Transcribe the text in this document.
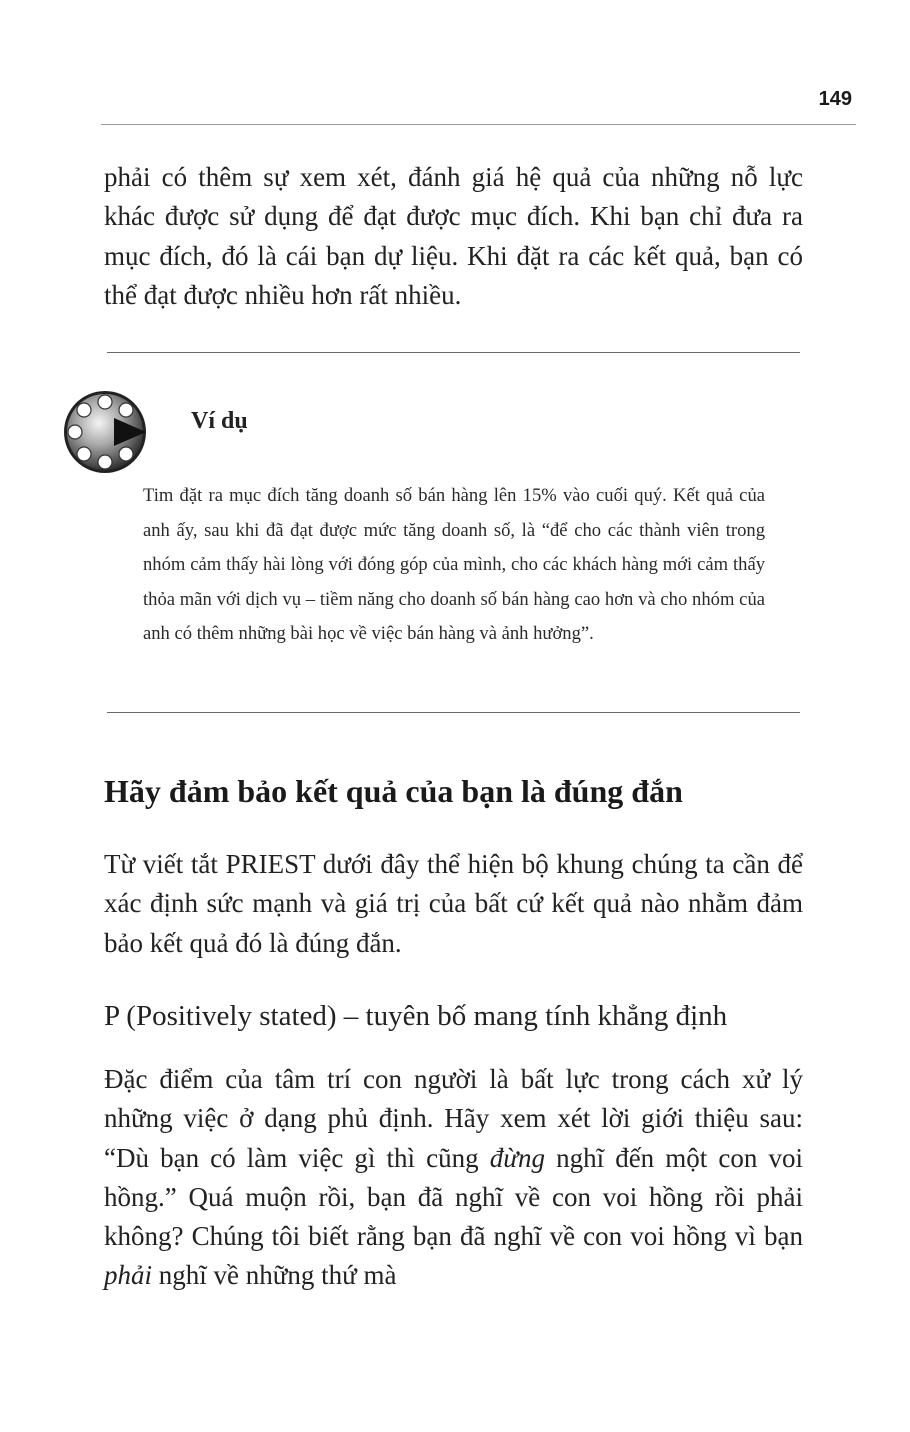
149

phải có thêm sự xem xét, đánh giá hệ quả của những nỗ lực khác được sử dụng để đạt được mục đích. Khi bạn chỉ đưa ra mục đích, đó là cái bạn dự liệu. Khi đặt ra các kết quả, bạn có thể đạt được nhiều hơn rất nhiều.

Ví dụ

Tim đặt ra mục đích tăng doanh số bán hàng lên 15% vào cuối quý. Kết quả của anh ấy, sau khi đã đạt được mức tăng doanh số, là “để cho các thành viên trong nhóm cảm thấy hài lòng với đóng góp của mình, cho các khách hàng mới cảm thấy thỏa mãn với dịch vụ – tiềm năng cho doanh số bán hàng cao hơn và cho nhóm của anh có thêm những bài học về việc bán hàng và ảnh hưởng”.

Hãy đảm bảo kết quả của bạn là đúng đắn

Từ viết tắt PRIEST dưới đây thể hiện bộ khung chúng ta cần để xác định sức mạnh và giá trị của bất cứ kết quả nào nhằm đảm bảo kết quả đó là đúng đắn.

P (Positively stated) – tuyên bố mang tính khẳng định

Đặc điểm của tâm trí con người là bất lực trong cách xử lý những việc ở dạng phủ định. Hãy xem xét lời giới thiệu sau: “Dù bạn có làm việc gì thì cũng đừng nghĩ đến một con voi hồng.” Quá muộn rồi, bạn đã nghĩ về con voi hồng rồi phải không? Chúng tôi biết rằng bạn đã nghĩ về con voi hồng vì bạn phải nghĩ về những thứ mà
